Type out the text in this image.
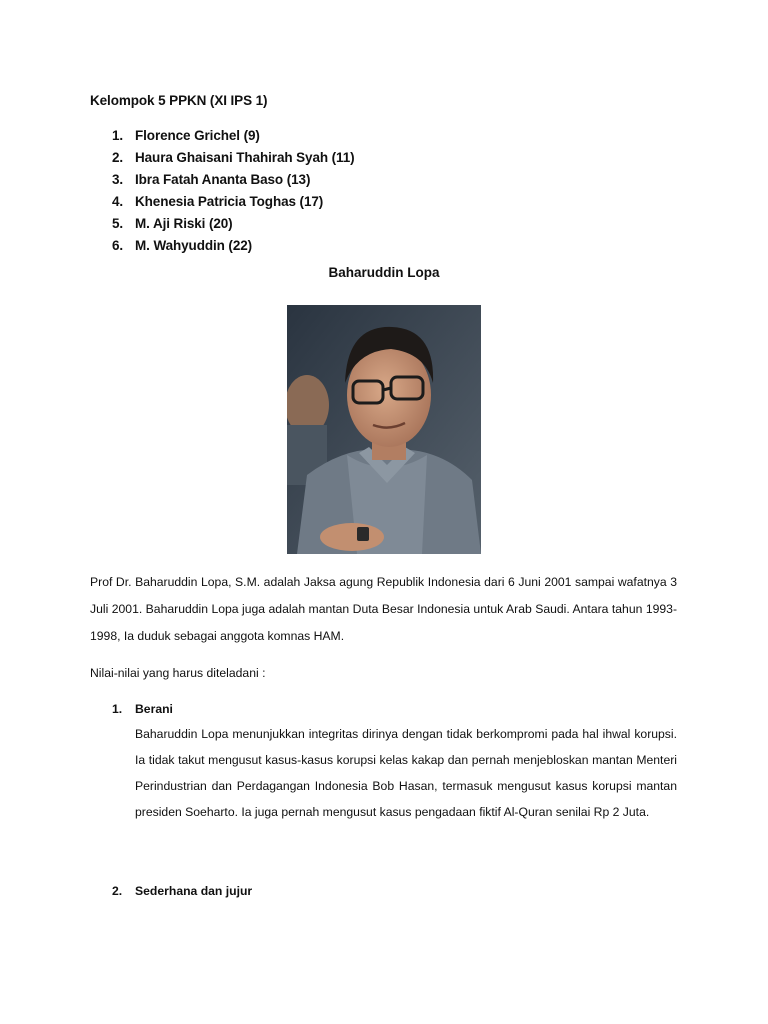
Kelompok 5 PPKN (XI IPS 1)
1. Florence Grichel (9)
2. Haura Ghaisani Thahirah Syah (11)
3. Ibra Fatah Ananta Baso (13)
4. Khenesia Patricia Toghas (17)
5. M. Aji Riski (20)
6. M. Wahyuddin (22)
Baharuddin Lopa
Prof Dr. Baharuddin Lopa, S.M. adalah Jaksa agung Republik Indonesia dari 6 Juni 2001 sampai wafatnya 3 Juli 2001. Baharuddin Lopa juga adalah mantan Duta Besar Indonesia untuk Arab Saudi. Antara tahun 1993-1998, Ia duduk sebagai anggota komnas HAM.
Nilai-nilai yang harus diteladani :
1. Berani
Baharuddin Lopa menunjukkan integritas dirinya dengan tidak berkompromi pada hal ihwal korupsi. Ia tidak takut mengusut kasus-kasus korupsi kelas kakap dan pernah menjebloskan mantan Menteri Perindustrian dan Perdagangan Indonesia Bob Hasan, termasuk mengusut kasus korupsi mantan presiden Soeharto. Ia juga pernah mengusut kasus pengadaan fiktif Al-Quran senilai Rp 2 Juta.
2. Sederhana dan jujur
